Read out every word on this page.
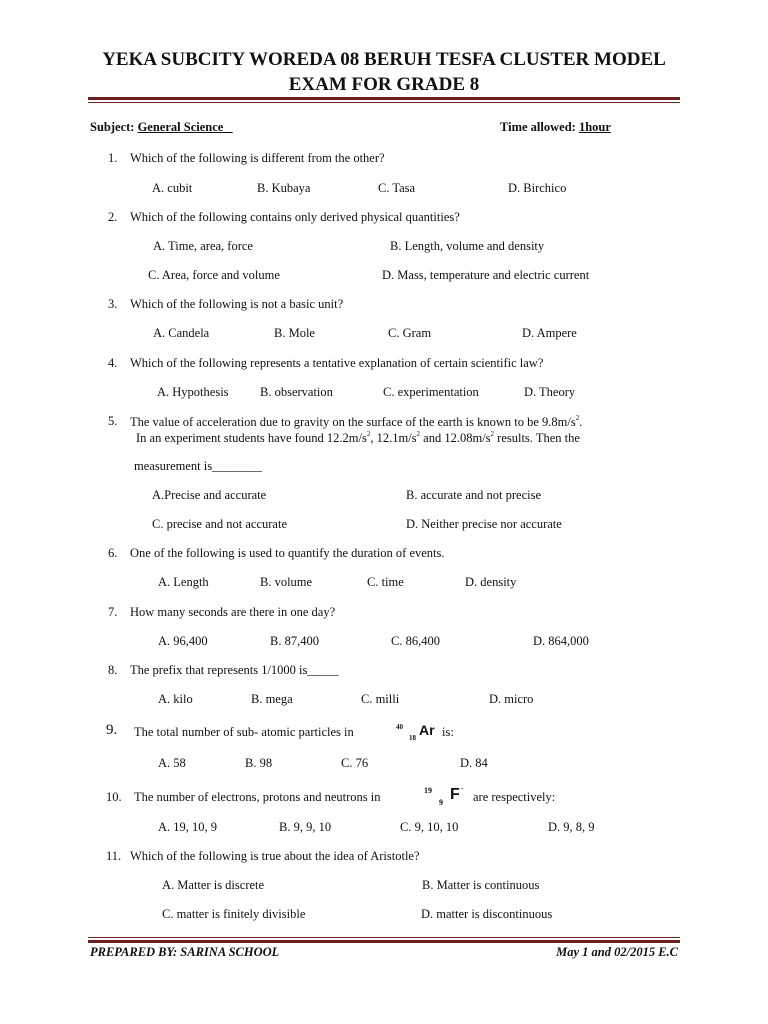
YEKA SUBCITY WOREDA 08 BERUH TESFA CLUSTER MODEL
EXAM FOR GRADE 8
Subject: General Science	Time allowed: 1hour
1. Which of the following is different from the other?
A. cubit	B. Kubaya	C. Tasa	D. Birchico
2. Which of the following contains only derived physical quantities?
A. Time, area, force	B. Length, volume and density
C. Area, force and volume	D. Mass, temperature and electric current
3. Which of the following is not a basic unit?
A. Candela	B. Mole	C. Gram	D. Ampere
4. Which of the following represents a tentative explanation of certain scientific law?
A. Hypothesis	B. observation	C. experimentation	D. Theory
5. The value of acceleration due to gravity on the surface of the earth is known to be $9.8m/s^2$.
In an experiment students have found $12.2m/s^2$, $12.1m/s^2$ and $12.08m/s^2$ results. Then the
measurement is________
A.Precise and accurate	B. accurate and not precise
C. precise and not accurate	D. Neither precise nor accurate
6. One of the following is used to quantify the duration of events.
A. Length	B. volume	C. time	D. density
7. How many seconds are there in one day?
A. 96,400	B. 87,400	C. 86,400	D. 864,000
8. The prefix that represents 1/1000 is_____
A. kilo	B. mega	C. milli	D. micro
9. The total number of sub- atomic particles in	40
18 Ar is:
A. 58	B. 98	C. 76	D. 84
10. The number of electrons, protons and neutrons in	19
9 F -
are respectively:
A. 19, 10, 9	B. 9, 9, 10	C. 9, 10, 10	D. 9, 8, 9
11. Which of the following is true about the idea of Aristotle?
A. Matter is discrete	B. Matter is continuous
C. matter is finitely divisible	D. matter is discontinuous
PREPARED BY: SARINA SCHOOL	May 1 and 02/2015 E.C
